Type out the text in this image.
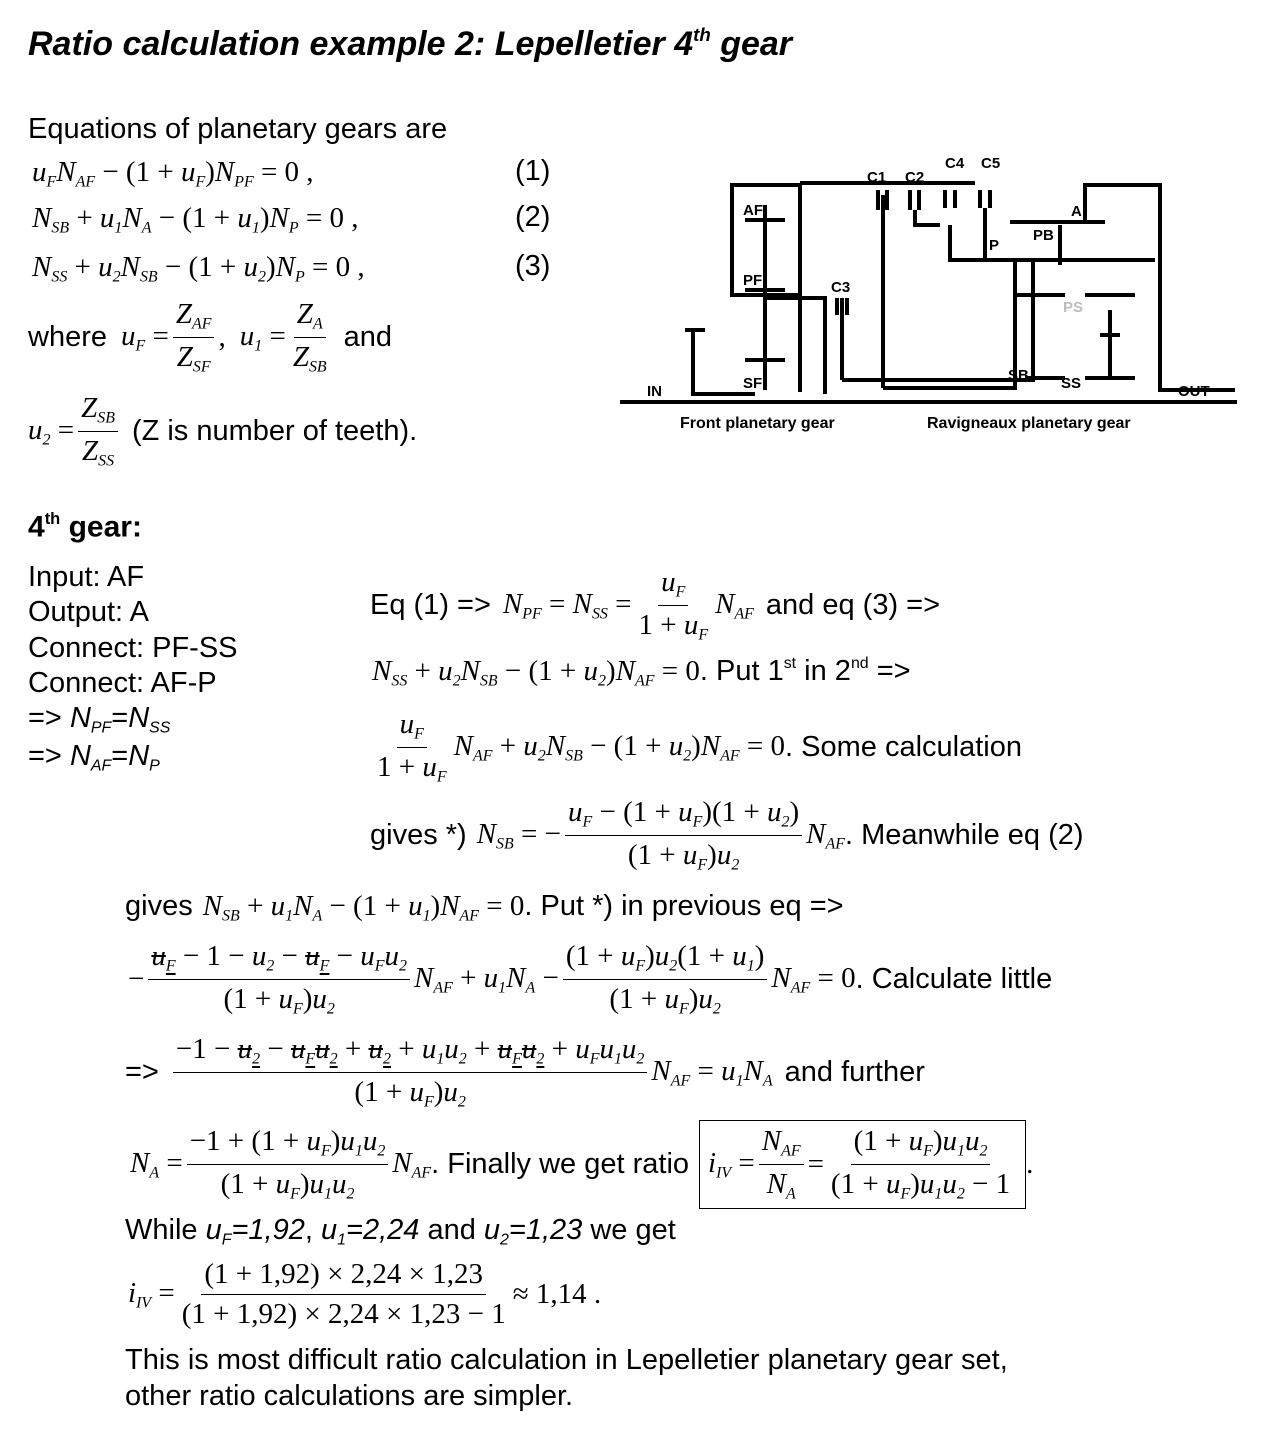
Ratio calculation example 2: Lepelletier 4th gear
Equations of planetary gears are
$u_FN_{AF} - (1 + u_F)N_{PF} = 0$ ,	(1)
$N_{SB} + u_1N_A - (1 + u_1)N_P = 0$ ,	(2)
$N_{SS} + u_2N_{SB} - (1 + u_2)N_P = 0$ ,	(3)
where $u_F = \frac{Z_{AF}}{Z_{SF}}$ , $u_1 = \frac{Z_A}{Z_{SB}}$ and
$u_2 = \frac{Z_{SB}}{Z_{SS}} (Z$ is number of teeth).
C1 C2
C4 C5
AF
PF
SF
C3
A
PB
P
PS
SB SS
IN	OUT
Front planetary gear	Ravigneaux planetary gear
4th gear:
Input: AF
Output: A
Connect: PF-SS
Connect: AF-P
=> $N_{PF}=N_{SS}$
=> $N_{AF}=N_P$
Eq $(1) => N_{PF} = N_{SS} = \frac{u_F}{1 + u_F} N_{AF}$ and eq (3) =>
$N_{SS} + u_2N_{SB} - (1 + u_2)N_{AF} = 0$ . Put 1st in 2nd =>
$\frac{u_F}{1 + u_F} N_{AF} + u_2N_{SB} - (1 + u_2)N_{AF} = 0$ . Some calculation
gives *) $N_{SB}$ = − $\frac{u_F - (1 + u_F)(1 + u_2)}{(1 + u_F)u_2} N_{AF}$ . Meanwhile eq (2)
gives $N_{SB} + u_1N_A - (1 + u_1)N_{AF} = 0$ . Put *) in previous eq =>
− $\frac{u_F - 1 - u_2 - u_F - u_Fu_2}{(1 + u_F)u_2} N_{AF} + u_1N_A - \frac{(1 + u_F)u_2(1 + u_1)}{(1 + u_F)u_2} N_{AF} = 0$ . Calculate little
=> $\frac{-1 - u_2 - u_Fu_2 + u_2 + u_1u_2 + u_Fu_2 + u_Fu_1u_2}{(1 + u_F)u_2} N_{AF} = u_1N_A$ and further
$N_A = \frac{-1 + (1 + u_F)u_1u_2}{(1 + u_F)u_1u_2} N_{AF}$ . Finally we get ratio $i_{IV} = \frac{N_{AF}}{N_A} = \frac{(1 + u_F)u_1u_2}{(1 + u_F)u_1u_2 - 1}$ .
While $u_F=1,92$, $u_1=2,24$ and $u_2=1,23$ we get
$i_{IV} = \frac{(1 + 1,92) \times 2,24 \times 1,23}{(1 + 1,92) \times 2,24 \times 1,23 - 1} \approx 1,14$ .
This is most difficult ratio calculation in Lepelletier planetary gear set,
other ratio calculations are simpler.
